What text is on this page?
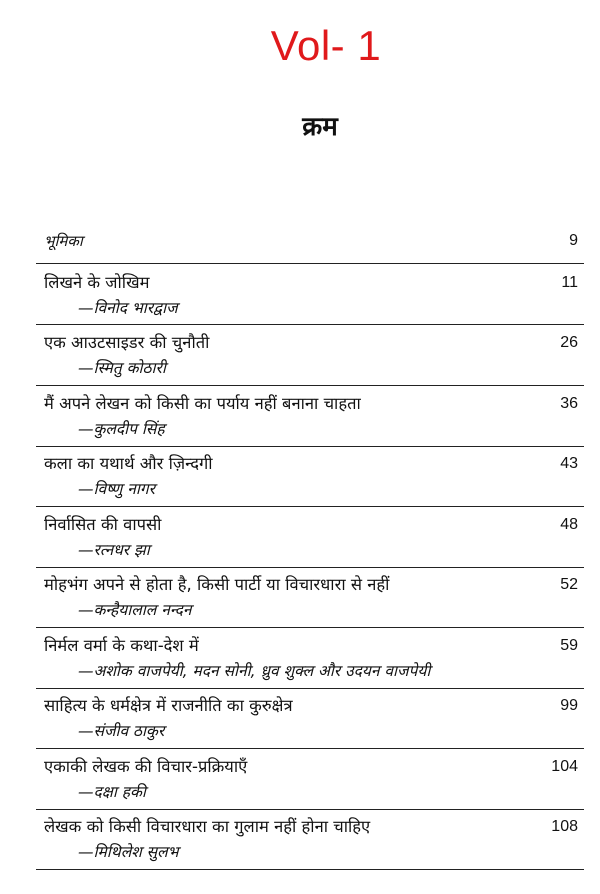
Vol- 1
क्रम
भूमिका	9
लिखने के जोखिम	11
—विनोद भारद्वाज
एक आउटसाइडर की चुनौती	26
—स्मितु कोठारी
मैं अपने लेखन को किसी का पर्याय नहीं बनाना चाहता	36
—कुलदीप सिंह
कला का यथार्थ और ज़िन्दगी	43
—विष्णु नागर
निर्वासित की वापसी	48
—रत्नधर झा
मोहभंग अपने से होता है, किसी पार्टी या विचारधारा से नहीं	52
—कन्हैयालाल नन्दन
निर्मल वर्मा के कथा-देश में	59
—अशोक वाजपेयी, मदन सोनी, ध्रुव शुक्ल और उदयन वाजपेयी
साहित्य के धर्मक्षेत्र में राजनीति का कुरुक्षेत्र	99
—संजीव ठाकुर
एकाकी लेखक की विचार-प्रक्रियाएँ	104
—दक्षा हकी
लेखक को किसी विचारधारा का गुलाम नहीं होना चाहिए	108
—मिथिलेश सुलभ
